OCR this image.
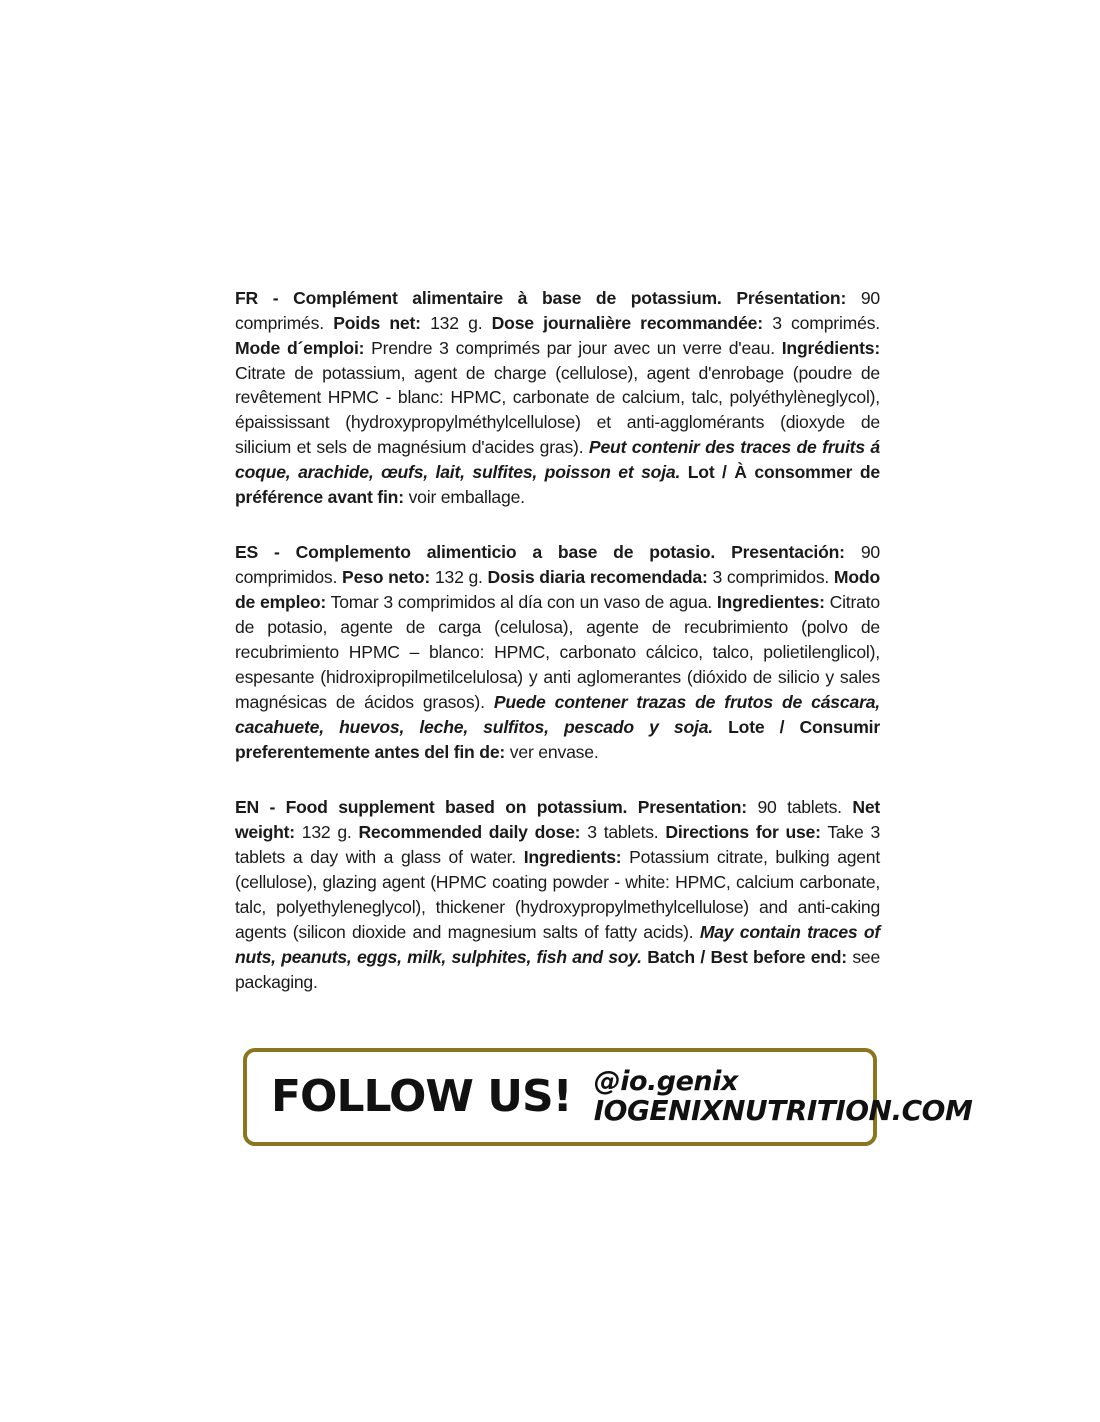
FR - Complément alimentaire à base de potassium. Présentation: 90 comprimés. Poids net: 132 g. Dose journalière recommandée: 3 comprimés. Mode d´emploi: Prendre 3 comprimés par jour avec un verre d'eau. Ingrédients: Citrate de potassium, agent de charge (cellulose), agent d'enrobage (poudre de revêtement HPMC ‑ blanc: HPMC, carbonate de calcium, talc, polyéthylèneglycol), épaississant (hydroxypropylméthylcellulose) et anti‑agglomérants (dioxyde de silicium et sels de magnésium d'acides gras). Peut contenir des traces de fruits á coque, arachide, œufs, lait, sulfites, poisson et soja. Lot / À consommer de préférence avant fin: voir emballage.

ES - Complemento alimenticio a base de potasio. Presentación: 90 comprimidos. Peso neto: 132 g. Dosis diaria recomendada: 3 comprimidos. Modo de empleo: Tomar 3 comprimidos al día con un vaso de agua. Ingredientes: Citrato de potasio, agente de carga (celulosa), agente de recubrimiento (polvo de recubrimiento HPMC – blanco: HPMC, carbonato cálcico, talco, polietilenglicol), espesante (hidroxipropilmetilcelulosa) y anti aglomerantes (dióxido de silicio y sales magnésicas de ácidos grasos). Puede contener trazas de frutos de cáscara, cacahuete, huevos, leche, sulfitos, pescado y soja. Lote / Consumir preferentemente antes del fin de: ver envase.

EN - Food supplement based on potassium. Presentation: 90 tablets. Net weight: 132 g. Recommended daily dose: 3 tablets. Directions for use: Take 3 tablets a day with a glass of water. Ingredients: Potassium citrate, bulking agent (cellulose), glazing agent (HPMC coating powder - white: HPMC, calcium carbonate, talc, polyethyleneglycol), thickener (hydroxypropylmethylcellulose) and anti-caking agents (silicon dioxide and magnesium salts of fatty acids). May contain traces of nuts, peanuts, eggs, milk, sulphites, fish and soy. Batch / Best before end: see packaging.

FOLLOW US! @io.genix
IOGENIXNUTRITION.COM
